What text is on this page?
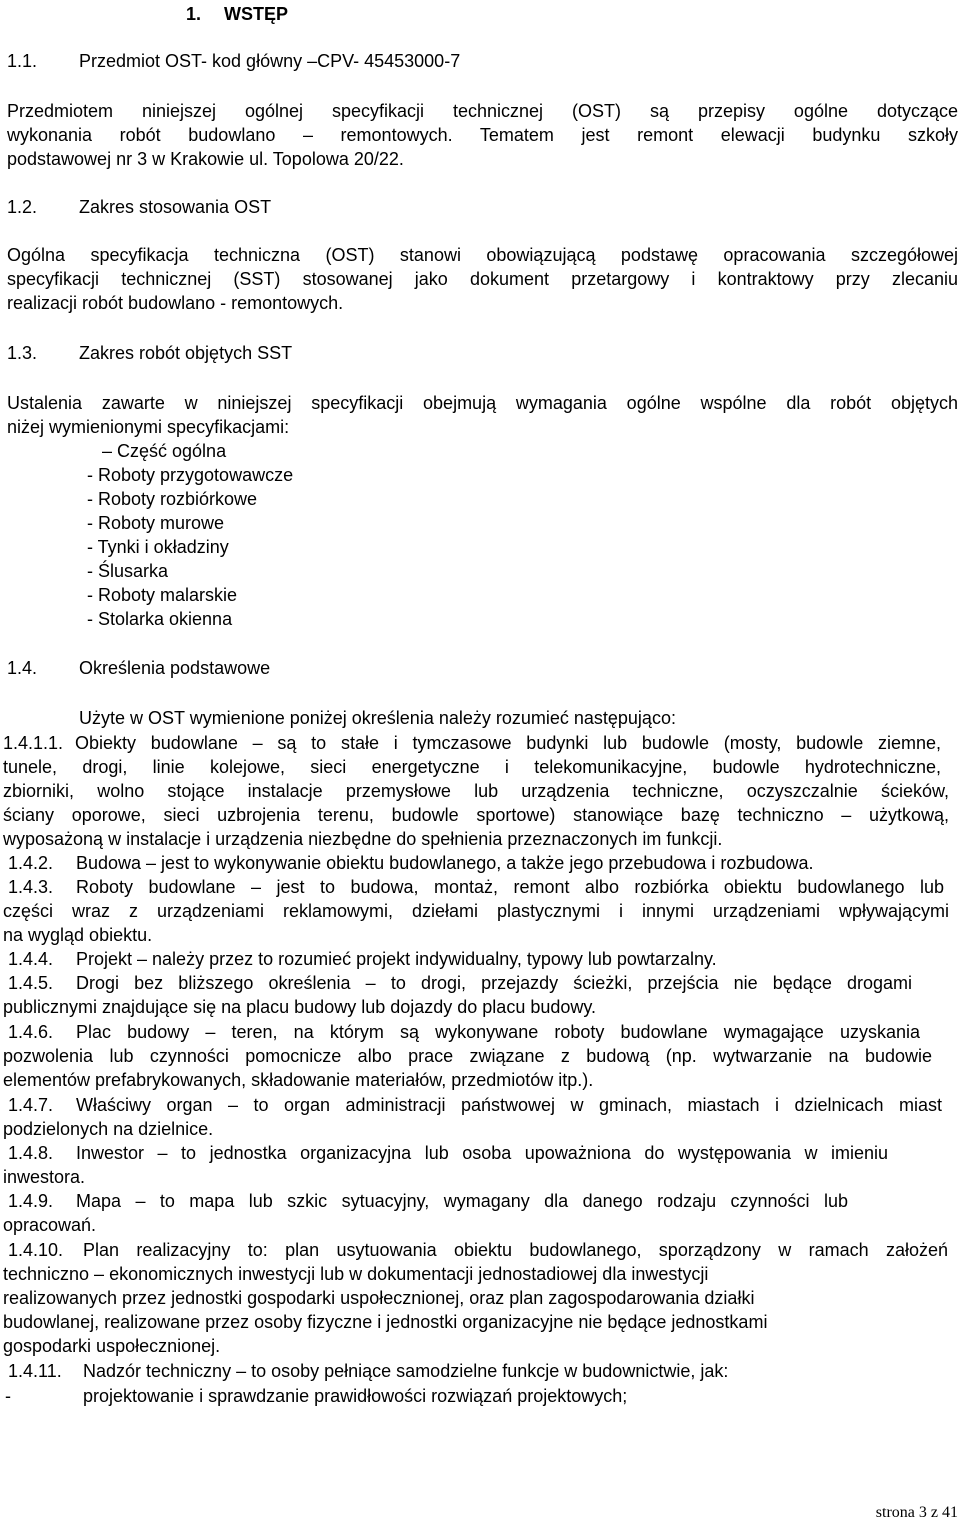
1. WSTĘP
1.1. Przedmiot OST- kod główny –CPV- 45453000-7
Przedmiotem niniejszej ogólnej specyfikacji technicznej (OST) są przepisy ogólne dotyczące
wykonania robót budowlano – remontowych. Tematem jest remont elewacji budynku szkoły
podstawowej nr 3 w Krakowie ul. Topolowa 20/22.
1.2. Zakres stosowania OST
Ogólna specyfikacja techniczna (OST) stanowi obowiązującą podstawę opracowania szczegółowej
specyfikacji technicznej (SST) stosowanej jako dokument przetargowy i kontraktowy przy zlecaniu
realizacji robót budowlano - remontowych.
1.3. Zakres robót objętych SST
Ustalenia zawarte w niniejszej specyfikacji obejmują wymagania ogólne wspólne dla robót objętych
niżej wymienionymi specyfikacjami:
– Część ogólna
- Roboty przygotowawcze
- Roboty rozbiórkowe
- Roboty murowe
- Tynki i okładziny
- Ślusarka
- Roboty malarskie
- Stolarka okienna
1.4. Określenia podstawowe
Użyte w OST wymienione poniżej określenia należy rozumieć następująco:
1.4.1.1. Obiekty budowlane – są to stałe i tymczasowe budynki lub budowle (mosty, budowle ziemne,
tunele, drogi, linie kolejowe, sieci energetyczne i telekomunikacyjne, budowle hydrotechniczne,
zbiorniki, wolno stojące instalacje przemysłowe lub urządzenia techniczne, oczyszczalnie ścieków,
ściany oporowe, sieci uzbrojenia terenu, budowle sportowe) stanowiące bazę techniczno – użytkową,
wyposażoną w instalacje i urządzenia niezbędne do spełnienia przeznaczonych im funkcji.
1.4.2. Budowa – jest to wykonywanie obiektu budowlanego, a także jego przebudowa i rozbudowa.
1.4.3. Roboty budowlane – jest to budowa, montaż, remont albo rozbiórka obiektu budowlanego lub
części wraz z urządzeniami reklamowymi, dziełami plastycznymi i innymi urządzeniami wpływającymi
na wygląd obiektu.
1.4.4. Projekt – należy przez to rozumieć projekt indywidualny, typowy lub powtarzalny.
1.4.5. Drogi bez bliższego określenia – to drogi, przejazdy ścieżki, przejścia nie będące drogami
publicznymi znajdujące się na placu budowy lub dojazdy do placu budowy.
1.4.6. Plac budowy – teren, na którym są wykonywane roboty budowlane wymagające uzyskania
pozwolenia lub czynności pomocnicze albo prace związane z budową (np. wytwarzanie na budowie
elementów prefabrykowanych, składowanie materiałów, przedmiotów itp.).
1.4.7. Właściwy organ – to organ administracji państwowej w gminach, miastach i dzielnicach miast
podzielonych na dzielnice.
1.4.8. Inwestor – to jednostka organizacyjna lub osoba upoważniona do występowania w imieniu
inwestora.
1.4.9. Mapa – to mapa lub szkic sytuacyjny, wymagany dla danego rodzaju czynności lub
opracowań.
1.4.10. Plan realizacyjny to: plan usytuowania obiektu budowlanego, sporządzony w ramach założeń
techniczno – ekonomicznych inwestycji lub w dokumentacji jednostadiowej dla inwestycji
realizowanych przez jednostki gospodarki uspołecznionej, oraz plan zagospodarowania działki
budowlanej, realizowane przez osoby fizyczne i jednostki organizacyjne nie będące jednostkami
gospodarki uspołecznionej.
1.4.11. Nadzór techniczny – to osoby pełniące samodzielne funkcje w budownictwie, jak:
-	projektowanie i sprawdzanie prawidłowości rozwiązań projektowych;
strona 3 z 41
